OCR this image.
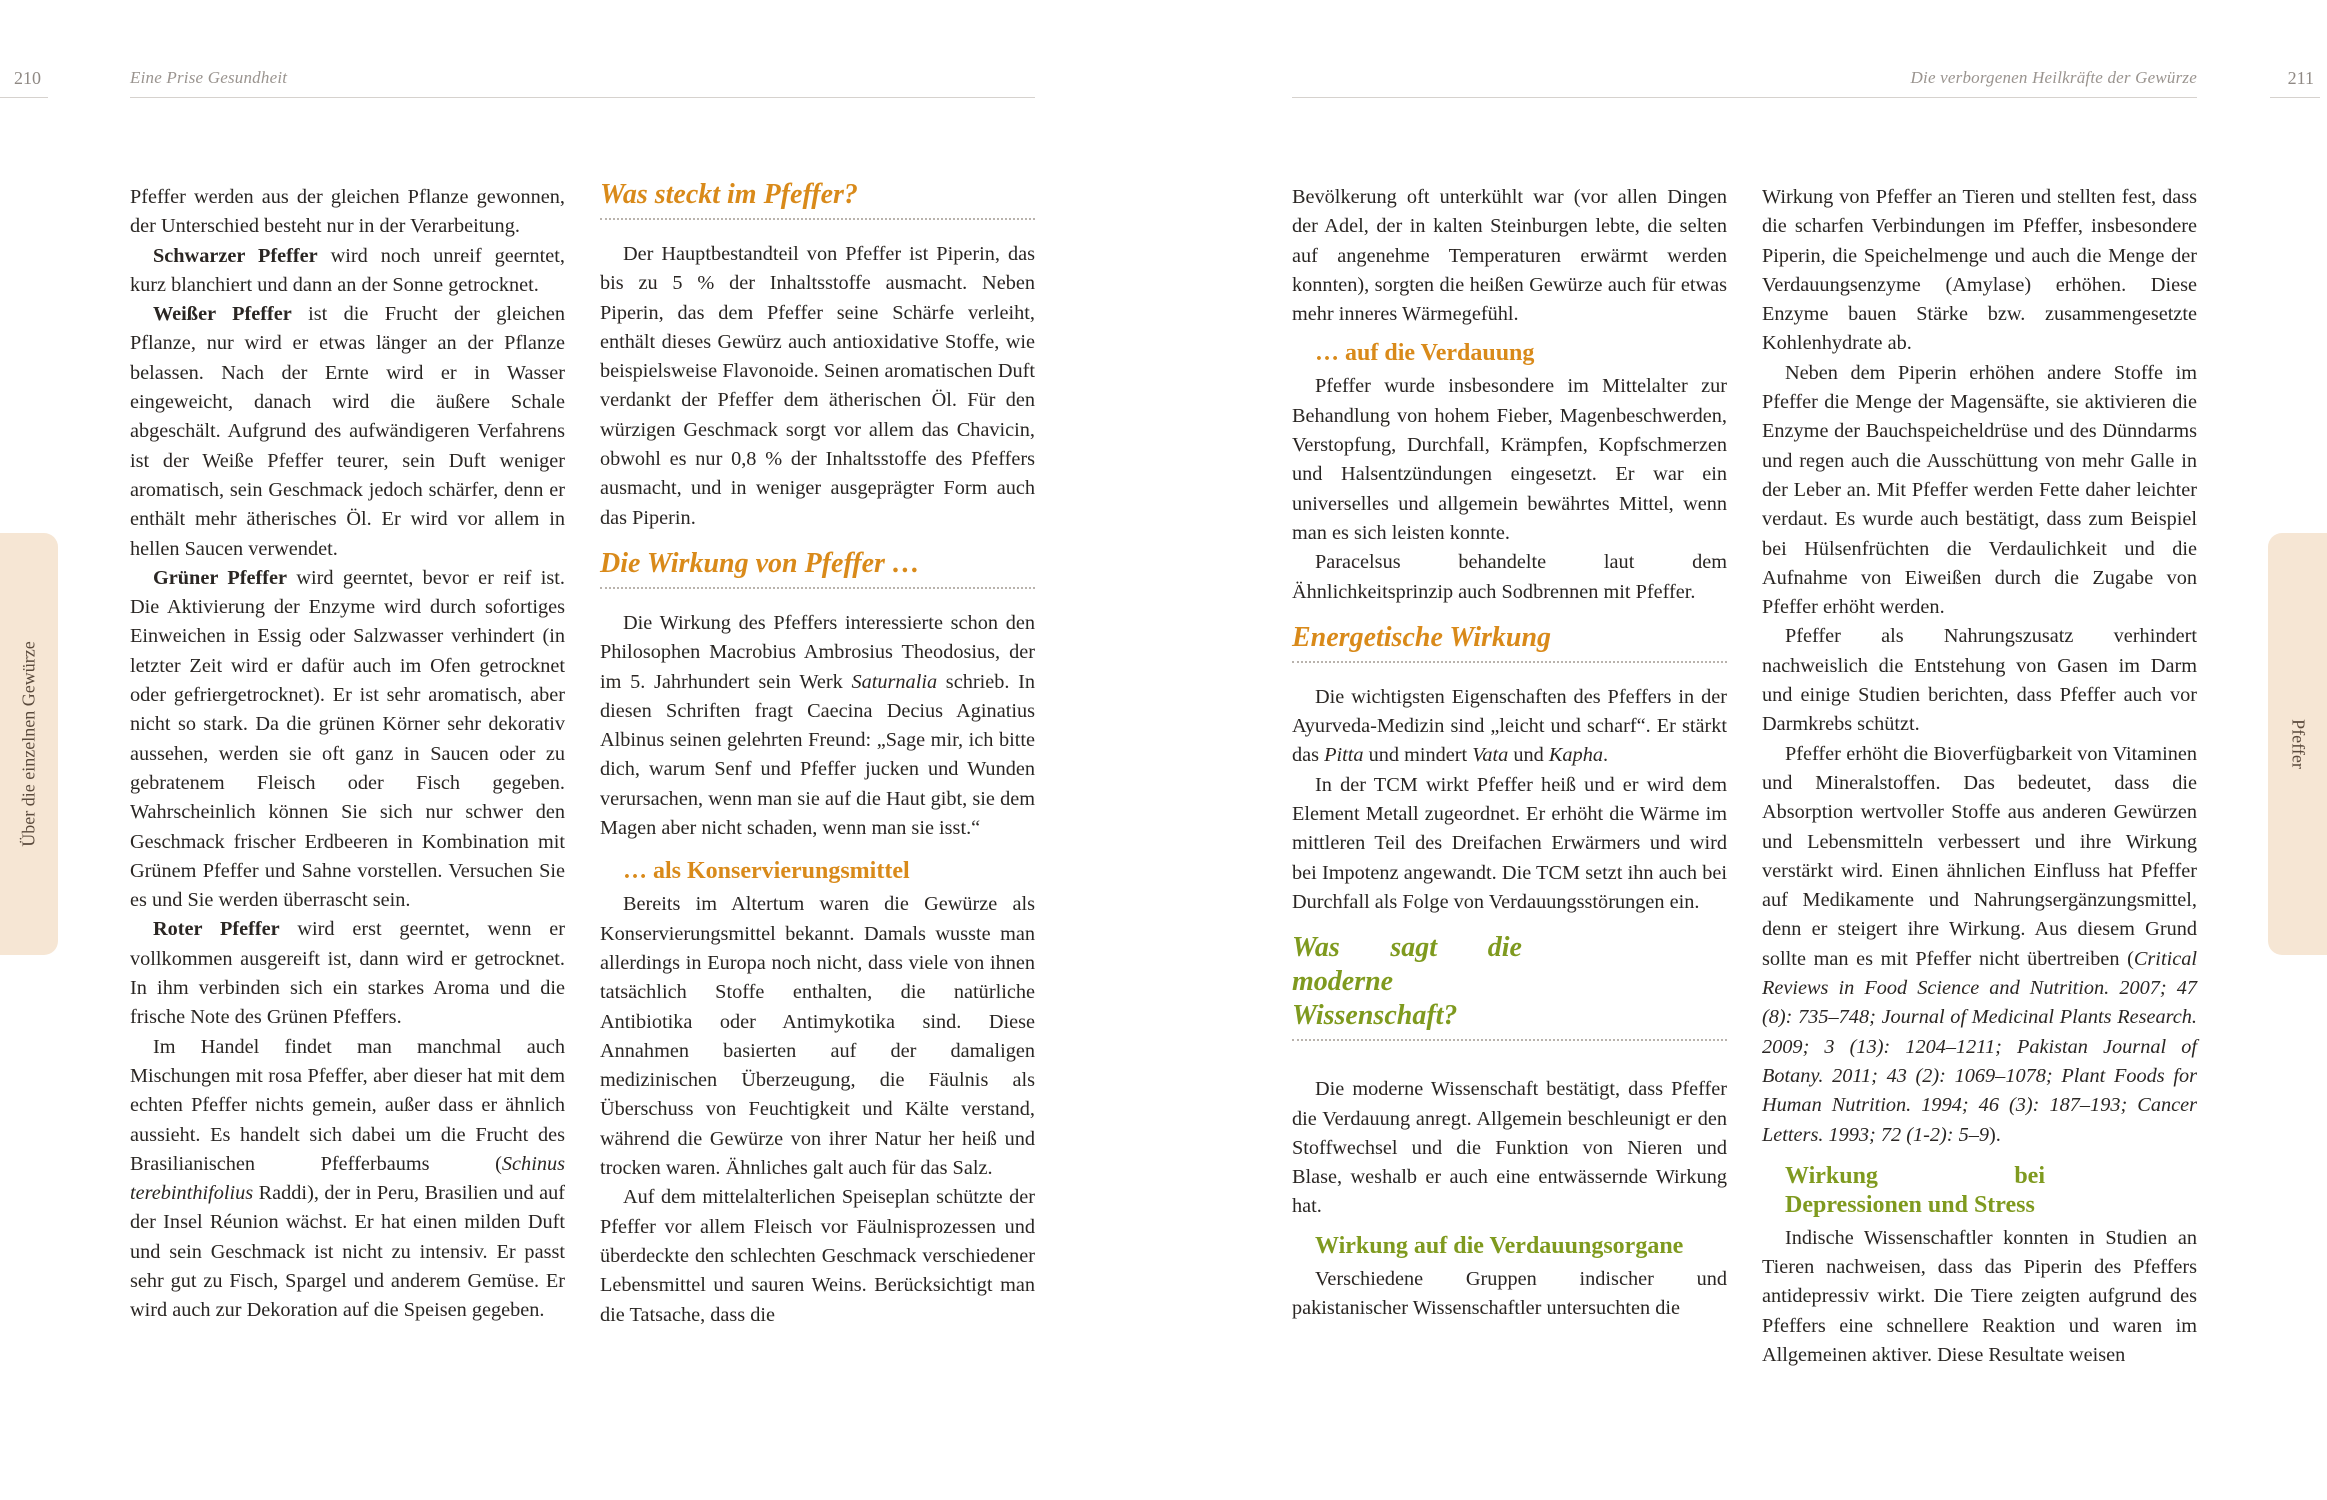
210	Eine Prise Gesundheit	Die verborgenen Heilkräfte der Gewürze	211
Über die einzelnen Gewürze	Pfeffer

Pfeffer werden aus der gleichen Pflanze gewonnen, der Unterschied besteht nur in der Verarbeitung.

Schwarzer Pfeffer wird noch unreif geerntet, kurz blanchiert und dann an der Sonne getrocknet.

Weißer Pfeffer ist die Frucht der gleichen Pflanze, nur wird er etwas länger an der Pflanze belassen. Nach der Ernte wird er in Wasser eingeweicht, danach wird die äußere Schale abgeschält. Aufgrund des aufwändigeren Verfahrens ist der Weiße Pfeffer teurer, sein Duft weniger aromatisch, sein Geschmack jedoch schärfer, denn er enthält mehr ätherisches Öl. Er wird vor allem in hellen Saucen verwendet.

Grüner Pfeffer wird geerntet, bevor er reif ist. Die Aktivierung der Enzyme wird durch sofortiges Einweichen in Essig oder Salzwasser verhindert (in letzter Zeit wird er dafür auch im Ofen getrocknet oder gefriergetrocknet). Er ist sehr aromatisch, aber nicht so stark. Da die grünen Körner sehr dekorativ aussehen, werden sie oft ganz in Saucen oder zu gebratenem Fleisch oder Fisch gegeben. Wahrscheinlich können Sie sich nur schwer den Geschmack frischer Erdbeeren in Kombination mit Grünem Pfeffer und Sahne vorstellen. Versuchen Sie es und Sie werden überrascht sein.

Roter Pfeffer wird erst geerntet, wenn er vollkommen ausgereift ist, dann wird er getrocknet. In ihm verbinden sich ein starkes Aroma und die frische Note des Grünen Pfeffers.

Im Handel findet man manchmal auch Mischungen mit rosa Pfeffer, aber dieser hat mit dem echten Pfeffer nichts gemein, außer dass er ähnlich aussieht. Es handelt sich dabei um die Frucht des Brasilianischen Pfefferbaums (Schinus terebinthifolius Raddi), der in Peru, Brasilien und auf der Insel Réunion wächst. Er hat einen milden Duft und sein Geschmack ist nicht zu intensiv. Er passt sehr gut zu Fisch, Spargel und anderem Gemüse. Er wird auch zur Dekoration auf die Speisen gegeben.

Was steckt im Pfeffer?

Der Hauptbestandteil von Pfeffer ist Piperin, das bis zu 5 % der Inhaltsstoffe ausmacht. Neben Piperin, das dem Pfeffer seine Schärfe verleiht, enthält dieses Gewürz auch antioxidative Stoffe, wie beispielsweise Flavonoide. Seinen aromatischen Duft verdankt der Pfeffer dem ätherischen Öl. Für den würzigen Geschmack sorgt vor allem das Chavicin, obwohl es nur 0,8 % der Inhaltsstoffe des Pfeffers ausmacht, und in weniger ausgeprägter Form auch das Piperin.

Die Wirkung von Pfeffer …

Die Wirkung des Pfeffers interessierte schon den Philosophen Macrobius Ambrosius Theodosius, der im 5. Jahrhundert sein Werk Saturnalia schrieb. In diesen Schriften fragt Caecina Decius Aginatius Albinus seinen gelehrten Freund: „Sage mir, ich bitte dich, warum Senf und Pfeffer jucken und Wunden verursachen, wenn man sie auf die Haut gibt, sie dem Magen aber nicht schaden, wenn man sie isst.“

… als Konservierungsmittel

Bereits im Altertum waren die Gewürze als Konservierungsmittel bekannt. Damals wusste man allerdings in Europa noch nicht, dass viele von ihnen tatsächlich Stoffe enthalten, die natürliche Antibiotika oder Antimykotika sind. Diese Annahmen basierten auf der damaligen medizinischen Überzeugung, die Fäulnis als Überschuss von Feuchtigkeit und Kälte verstand, während die Gewürze von ihrer Natur her heiß und trocken waren. Ähnliches galt auch für das Salz.

Auf dem mittelalterlichen Speiseplan schützte der Pfeffer vor allem Fleisch vor Fäulnisprozessen und überdeckte den schlechten Geschmack verschiedener Lebensmittel und sauren Weins. Berücksichtigt man die Tatsache, dass die

Bevölkerung oft unterkühlt war (vor allen Dingen der Adel, der in kalten Steinburgen lebte, die selten auf angenehme Temperaturen erwärmt werden konnten), sorgten die heißen Gewürze auch für etwas mehr inneres Wärmegefühl.

… auf die Verdauung

Pfeffer wurde insbesondere im Mittelalter zur Behandlung von hohem Fieber, Magenbeschwerden, Verstopfung, Durchfall, Krämpfen, Kopfschmerzen und Halsentzündungen eingesetzt. Er war ein universelles und allgemein bewährtes Mittel, wenn man es sich leisten konnte.

Paracelsus behandelte laut dem Ähnlichkeitsprinzip auch Sodbrennen mit Pfeffer.

Energetische Wirkung

Die wichtigsten Eigenschaften des Pfeffers in der Ayurveda-Medizin sind „leicht und scharf“. Er stärkt das Pitta und mindert Vata und Kapha.

In der TCM wirkt Pfeffer heiß und er wird dem Element Metall zugeordnet. Er erhöht die Wärme im mittleren Teil des Dreifachen Erwärmers und wird bei Impotenz angewandt. Die TCM setzt ihn auch bei Durchfall als Folge von Verdauungsstörungen ein.

Was sagt die moderne Wissenschaft?

Die moderne Wissenschaft bestätigt, dass Pfeffer die Verdauung anregt. Allgemein beschleunigt er den Stoffwechsel und die Funktion von Nieren und Blase, weshalb er auch eine entwässernde Wirkung hat.

Wirkung auf die Verdauungsorgane

Verschiedene Gruppen indischer und pakistanischer Wissenschaftler untersuchten die

Wirkung von Pfeffer an Tieren und stellten fest, dass die scharfen Verbindungen im Pfeffer, insbesondere Piperin, die Speichelmenge und auch die Menge der Verdauungsenzyme (Amylase) erhöhen. Diese Enzyme bauen Stärke bzw. zusammengesetzte Kohlenhydrate ab.

Neben dem Piperin erhöhen andere Stoffe im Pfeffer die Menge der Magensäfte, sie aktivieren die Enzyme der Bauchspeicheldrüse und des Dünndarms und regen auch die Ausschüttung von mehr Galle in der Leber an. Mit Pfeffer werden Fette daher leichter verdaut. Es wurde auch bestätigt, dass zum Beispiel bei Hülsenfrüchten die Verdaulichkeit und die Aufnahme von Eiweißen durch die Zugabe von Pfeffer erhöht werden.

Pfeffer als Nahrungszusatz verhindert nachweislich die Entstehung von Gasen im Darm und einige Studien berichten, dass Pfeffer auch vor Darmkrebs schützt.

Pfeffer erhöht die Bioverfügbarkeit von Vitaminen und Mineralstoffen. Das bedeutet, dass die Absorption wertvoller Stoffe aus anderen Gewürzen und Lebensmitteln verbessert und ihre Wirkung verstärkt wird. Einen ähnlichen Einfluss hat Pfeffer auf Medikamente und Nahrungsergänzungsmittel, denn er steigert ihre Wirkung. Aus diesem Grund sollte man es mit Pfeffer nicht übertreiben (Critical Reviews in Food Science and Nutrition. 2007; 47 (8): 735–748; Journal of Medicinal Plants Research. 2009; 3 (13): 1204–1211; Pakistan Journal of Botany. 2011; 43 (2): 1069–1078; Plant Foods for Human Nutrition. 1994; 46 (3): 187–193; Cancer Letters. 1993; 72 (1-2): 5–9).

Wirkung bei Depressionen und Stress

Indische Wissenschaftler konnten in Studien an Tieren nachweisen, dass das Piperin des Pfeffers antidepressiv wirkt. Die Tiere zeigten aufgrund des Pfeffers eine schnellere Reaktion und waren im Allgemeinen aktiver. Diese Resultate weisen
